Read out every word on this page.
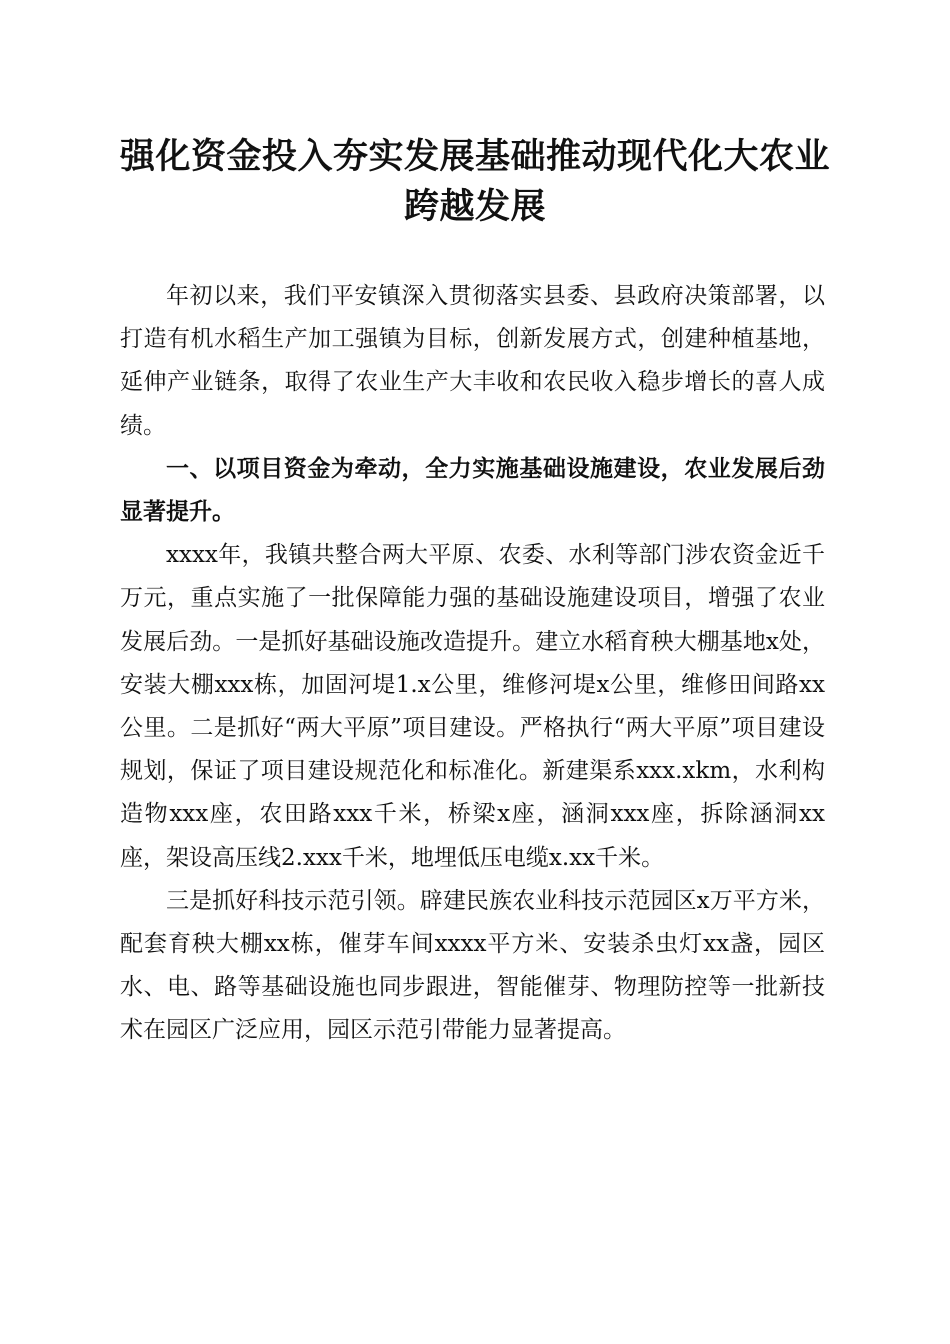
强化资金投入夯实发展基础推动现代化大农业跨越发展

年初以来，我们平安镇深入贯彻落实县委、县政府决策部署，以打造有机水稻生产加工强镇为目标，创新发展方式，创建种植基地，延伸产业链条，取得了农业生产大丰收和农民收入稳步增长的喜人成绩。

一、以项目资金为牵动，全力实施基础设施建设，农业发展后劲显著提升。

xxxx年，我镇共整合两大平原、农委、水利等部门涉农资金近千万元，重点实施了一批保障能力强的基础设施建设项目，增强了农业发展后劲。一是抓好基础设施改造提升。建立水稻育秧大棚基地x处，安装大棚xxx栋，加固河堤1.x公里，维修河堤x公里，维修田间路xx公里。二是抓好“两大平原”项目建设。严格执行“两大平原”项目建设规划，保证了项目建设规范化和标准化。新建渠系xxx.xkm，水利构造物xxx座，农田路xxx千米，桥梁x座，涵洞xxx座，拆除涵洞xx座，架设高压线2.xxx千米，地埋低压电缆x.xx千米。

三是抓好科技示范引领。辟建民族农业科技示范园区x万平方米，配套育秧大棚xx栋，催芽车间xxxx平方米、安装杀虫灯xx盏，园区水、电、路等基础设施也同步跟进，智能催芽、物理防控等一批新技术在园区广泛应用，园区示范引带能力显著提高。
